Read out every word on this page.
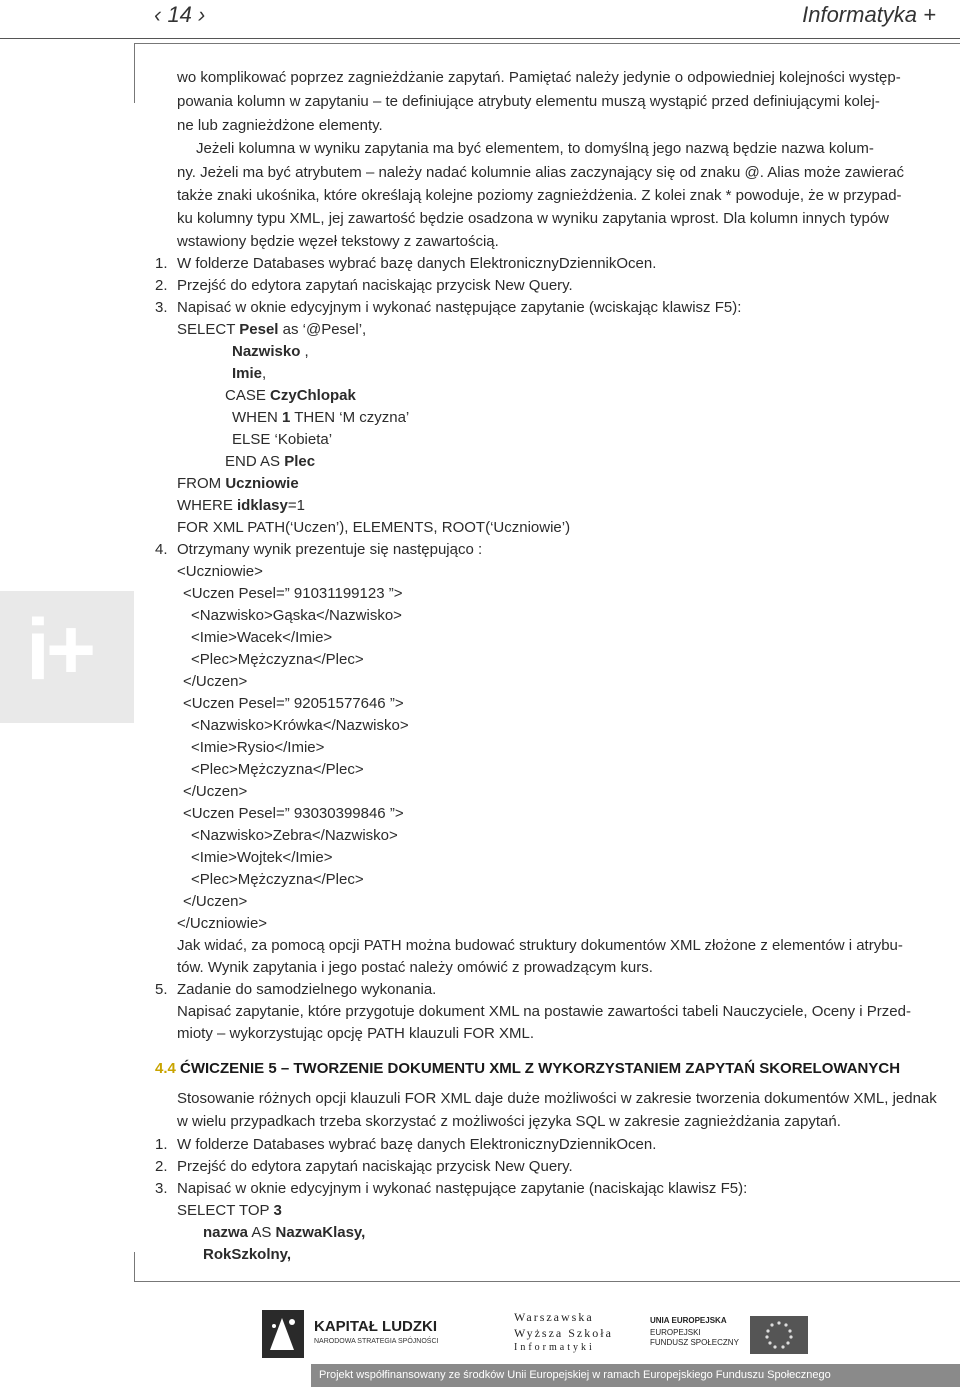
‹ 14 ›	Informatyka +
i+
wo komplikować poprzez zagnieżdżanie zapytań. Pamiętać należy jedynie o odpowiedniej kolejności występ-
powania kolumn w zapytaniu – te definiujące atrybuty elementu muszą wystąpić przed definiującymi kolej-
ne lub zagnieżdżone elementy.
Jeżeli kolumna w wyniku zapytania ma być elementem, to domyślną jego nazwą będzie nazwa kolum-
ny. Jeżeli ma być atrybutem – należy nadać kolumnie alias zaczynający się od znaku @. Alias może zawierać
także znaki ukośnika, które określają kolejne poziomy zagnieżdżenia. Z kolei znak * powoduje, że w przypad-
ku kolumny typu XML, jej zawartość będzie osadzona w wyniku zapytania wprost. Dla kolumn innych typów
wstawiony będzie węzeł tekstowy z zawartością.
1. W folderze Databases wybrać bazę danych ElektronicznyDziennikOcen.
2. Przejść do edytora zapytań naciskając przycisk New Query.
3. Napisać w oknie edycyjnym i wykonać następujące zapytanie (wciskając klawisz F5):
SELECT Pesel as ‘@Pesel’,
Nazwisko ,
Imie,
CASE CzyChlopak
WHEN 1 THEN ‘M czyzna’
ELSE ‘Kobieta’
END AS Plec
FROM Uczniowie
WHERE idklasy=1
FOR XML PATH(‘Uczen’), ELEMENTS, ROOT(‘Uczniowie’)
4. Otrzymany wynik prezentuje się następująco :
<Uczniowie>
<Uczen Pesel=” 91031199123 ”>
<Nazwisko>Gąska</Nazwisko>
<Imie>Wacek</Imie>
<Plec>Mężczyzna</Plec>
</Uczen>
<Uczen Pesel=” 92051577646 ”>
<Nazwisko>Krówka</Nazwisko>
<Imie>Rysio</Imie>
<Plec>Mężczyzna</Plec>
</Uczen>
<Uczen Pesel=” 93030399846 ”>
<Nazwisko>Zebra</Nazwisko>
<Imie>Wojtek</Imie>
<Plec>Mężczyzna</Plec>
</Uczen>
</Uczniowie>
Jak widać, za pomocą opcji PATH można budować struktury dokumentów XML złożone z elementów i atrybu-
tów. Wynik zapytania i jego postać należy omówić z prowadzącym kurs.
5. Zadanie do samodzielnego wykonania.
Napisać zapytanie, które przygotuje dokument XML na postawie zawartości tabeli Nauczyciele, Oceny i Przed-
mioty – wykorzystując opcję PATH klauzuli FOR XML.
4.4 ĆWICZENIE 5 – TWORZENIE DOKUMENTU XML Z WYKORZYSTANIEM ZAPYTAŃ SKORELOWANYCH
Stosowanie różnych opcji klauzuli FOR XML daje duże możliwości w zakresie tworzenia dokumentów XML, jednak
w wielu przypadkach trzeba skorzystać z możliwości języka SQL w zakresie zagnieżdżania zapytań.
1. W folderze Databases wybrać bazę danych ElektronicznyDziennikOcen.
2. Przejść do edytora zapytań naciskając przycisk New Query.
3. Napisać w oknie edycyjnym i wykonać następujące zapytanie (naciskając klawisz F5):
SELECT TOP 3
nazwa AS NazwaKlasy,
RokSzkolny,
KAPITAŁ LUDZKI
NARODOWA STRATEGIA SPÓJNOŚCI
Warszawska
Wyższa Szkoła
Informatyki
UNIA EUROPEJSKA
EUROPEJSKI
FUNDUSZ SPOŁECZNY
Projekt współfinansowany ze środków Unii Europejskiej w ramach Europejskiego Funduszu Społecznego
